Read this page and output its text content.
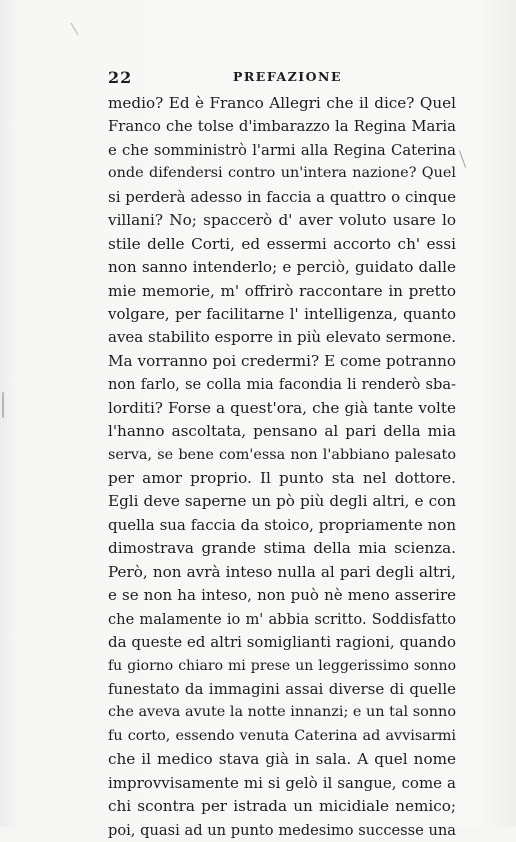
22	PREFAZIONE
medio? Ed è Franco Allegri che il dice? Quel
Franco che tolse d'imbarazzo la Regina Maria
e che somministrò l'armi alla Regina Caterina
onde difendersi contro un'intera nazione? Quel
si perderà adesso in faccia a quattro o cinque
villani? No; spaccerò d' aver voluto usare lo
stile delle Corti, ed essermi accorto ch' essi
non sanno intenderlo; e perciò, guidato dalle
mie memorie, m' offrirò raccontare in pretto
volgare, per facilitarne l' intelligenza, quanto
avea stabilito esporre in più elevato sermone.
Ma vorranno poi credermi? E come potranno
non farlo, se colla mia facondia li renderò sba-
lorditi? Forse a quest'ora, che già tante volte
l'hanno ascoltata, pensano al pari della mia
serva, se bene com'essa non l'abbiano palesato
per amor proprio. Il punto sta nel dottore.
Egli deve saperne un pò più degli altri, e con
quella sua faccia da stoico, propriamente non
dimostrava grande stima della mia scienza.
Però, non avrà inteso nulla al pari degli altri,
e se non ha inteso, non può nè meno asserire
che malamente io m' abbia scritto. Soddisfatto
da queste ed altri somiglianti ragioni, quando
fu giorno chiaro mi prese un leggerissimo sonno
funestato da immagini assai diverse di quelle
che aveva avute la notte innanzi; e un tal sonno
fu corto, essendo venuta Caterina ad avvisarmi
che il medico stava già in sala. A quel nome
improvvisamente mi si gelò il sangue, come a
chi scontra per istrada un micidiale nemico;
poi, quasi ad un punto medesimo successe una
